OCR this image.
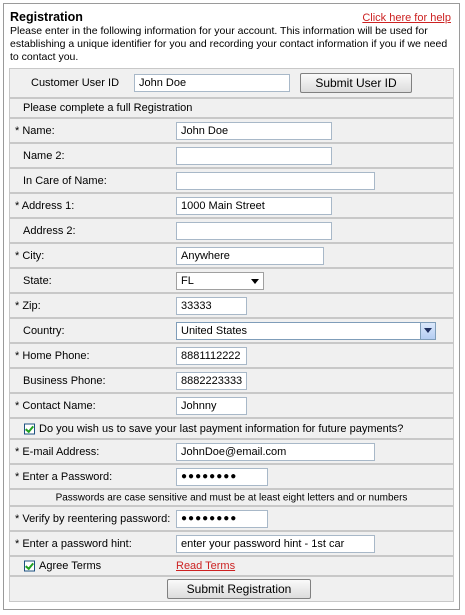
Registration	Click here for help
Please enter in the following information for your account. This information will be used for establishing a unique identifier for you and recording your contact information if you if we need to contact you.
Customer User ID	John Doe	Submit User ID
Please complete a full Registration
* Name:	John Doe
Name 2:
In Care of Name:
* Address 1:	1000 Main Street
Address 2:
* City:	Anywhere
State:	FL
* Zip:	33333
Country:	United States
* Home Phone:	8881112222
Business Phone:	8882223333
* Contact Name:	Johnny
Do you wish us to save your last payment information for future payments?
* E-mail Address:	JohnDoe@email.com
* Enter a Password:	●●●●●●●●
Passwords are case sensitive and must be at least eight letters and or numbers
* Verify by reentering password:	●●●●●●●●
* Enter a password hint:	enter your password hint - 1st car
Agree Terms	Read Terms
Submit Registration
